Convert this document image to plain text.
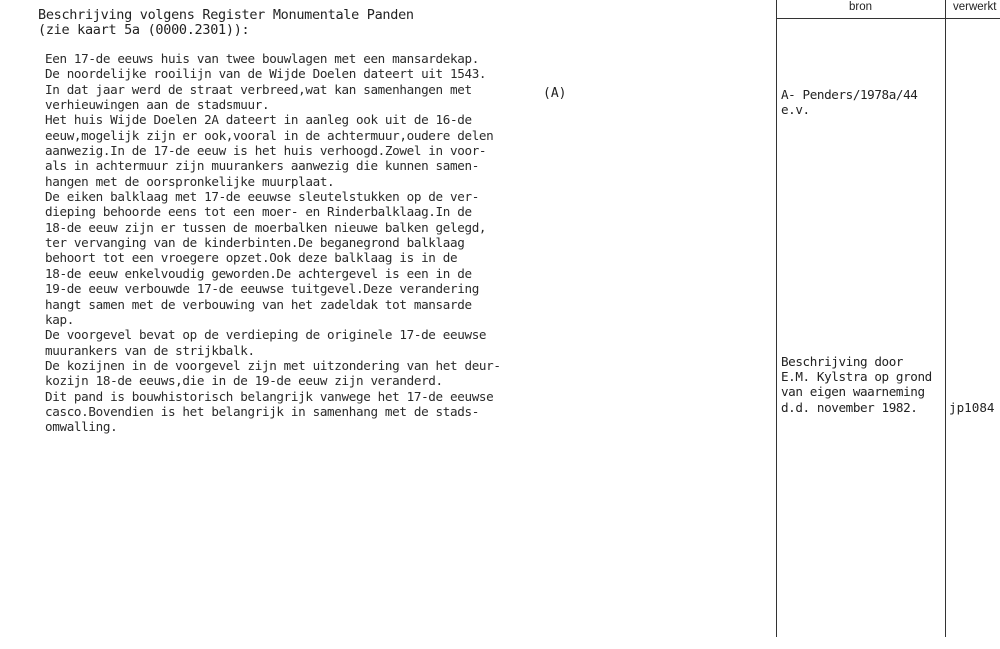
Beschrijving volgens Register Monumentale Panden
(zie kaart 5a (0000.2301)):
Een 17-de eeuws huis van twee bouwlagen met een mansardekap.
De noordelijke rooilijn van de Wijde Doelen dateert uit 1543.
In dat jaar werd de straat verbreed,wat kan samenhangen met
verhieuwingen aan de stadsmuur.
Het huis Wijde Doelen 2A dateert in aanleg ook uit de 16-de
eeuw,mogelijk zijn er ook,vooral in de achtermuur,oudere delen
aanwezig.In de 17-de eeuw is het huis verhoogd.Zowel in voor-
als in achtermuur zijn muurankers aanwezig die kunnen samen-
hangen met de oorspronkelijke muurplaat.
De eiken balklaag met 17-de eeuwse sleutelstukken op de ver-
dieping behoorde eens tot een moer- en Rinderbalklaag.In de
18-de eeuw zijn er tussen de moerbalken nieuwe balken gelegd,
ter vervanging van de kinderbinten.De beganegrond balklaag
behoort tot een vroegere opzet.Ook deze balklaag is in de
18-de eeuw enkelvoudig geworden.De achtergevel is een in de
19-de eeuw verbouwde 17-de eeuwse tuitgevel.Deze verandering
hangt samen met de verbouwing van het zadeldak tot mansarde
kap.
De voorgevel bevat op de verdieping de originele 17-de eeuwse
muurankers van de strijkbalk.
De kozijnen in de voorgevel zijn met uitzondering van het deur-
kozijn 18-de eeuws,die in de 19-de eeuw zijn veranderd.
Dit pand is bouwhistorisch belangrijk vanwege het 17-de eeuwse
casco.Bovendien is het belangrijk in samenhang met de stads-
omwalling.
(A)
bron	verwerkt
A- Penders/1978a/44
e.v.
Beschrijving door
E.M. Kylstra op grond
van eigen waarneming
d.d. november 1982.	jp1084
